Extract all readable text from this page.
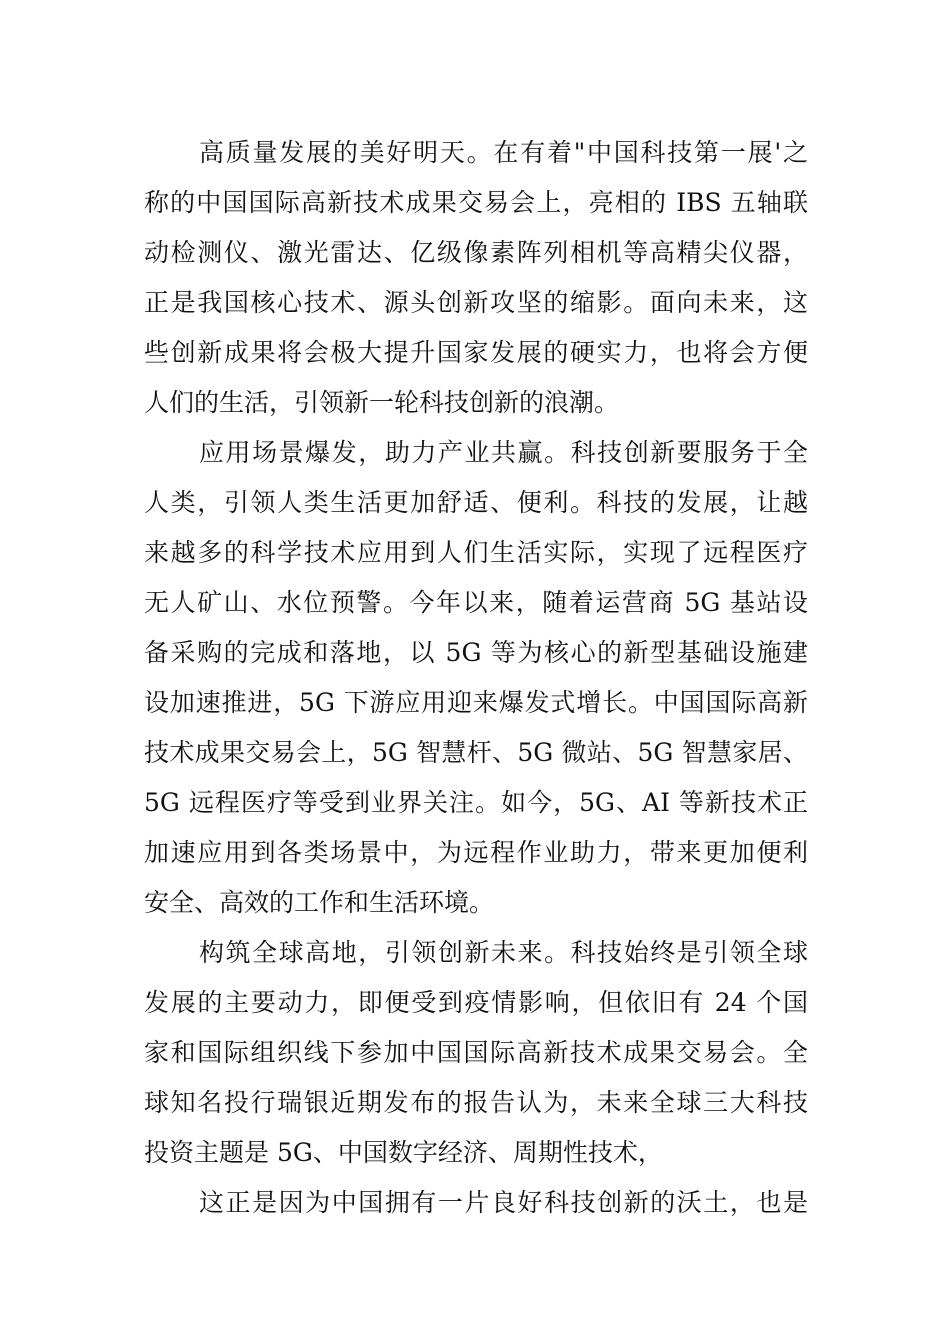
高质量发展的美好明天。在有着"中国科技第一展'之
称的中国国际高新技术成果交易会上，亮相的 IBS 五轴联
动检测仪、激光雷达、亿级像素阵列相机等高精尖仪器，
正是我国核心技术、源头创新攻坚的缩影。面向未来，这
些创新成果将会极大提升国家发展的硬实力，也将会方便
人们的生活，引领新一轮科技创新的浪潮。
应用场景爆发，助力产业共赢。科技创新要服务于全
人类，引领人类生活更加舒适、便利。科技的发展，让越
来越多的科学技术应用到人们生活实际，实现了远程医疗
无人矿山、水位预警。今年以来，随着运营商 5G 基站设
备采购的完成和落地，以 5G 等为核心的新型基础设施建
设加速推进，5G 下游应用迎来爆发式增长。中国国际高新
技术成果交易会上，5G 智慧杆、5G 微站、5G 智慧家居、
5G 远程医疗等受到业界关注。如今，5G、AI 等新技术正
加速应用到各类场景中，为远程作业助力，带来更加便利
安全、高效的工作和生活环境。
构筑全球高地，引领创新未来。科技始终是引领全球
发展的主要动力，即便受到疫情影响，但依旧有 24 个国
家和国际组织线下参加中国国际高新技术成果交易会。全
球知名投行瑞银近期发布的报告认为，未来全球三大科技
投资主题是 5G、中国数字经济、周期性技术，
这正是因为中国拥有一片良好科技创新的沃土，也是
